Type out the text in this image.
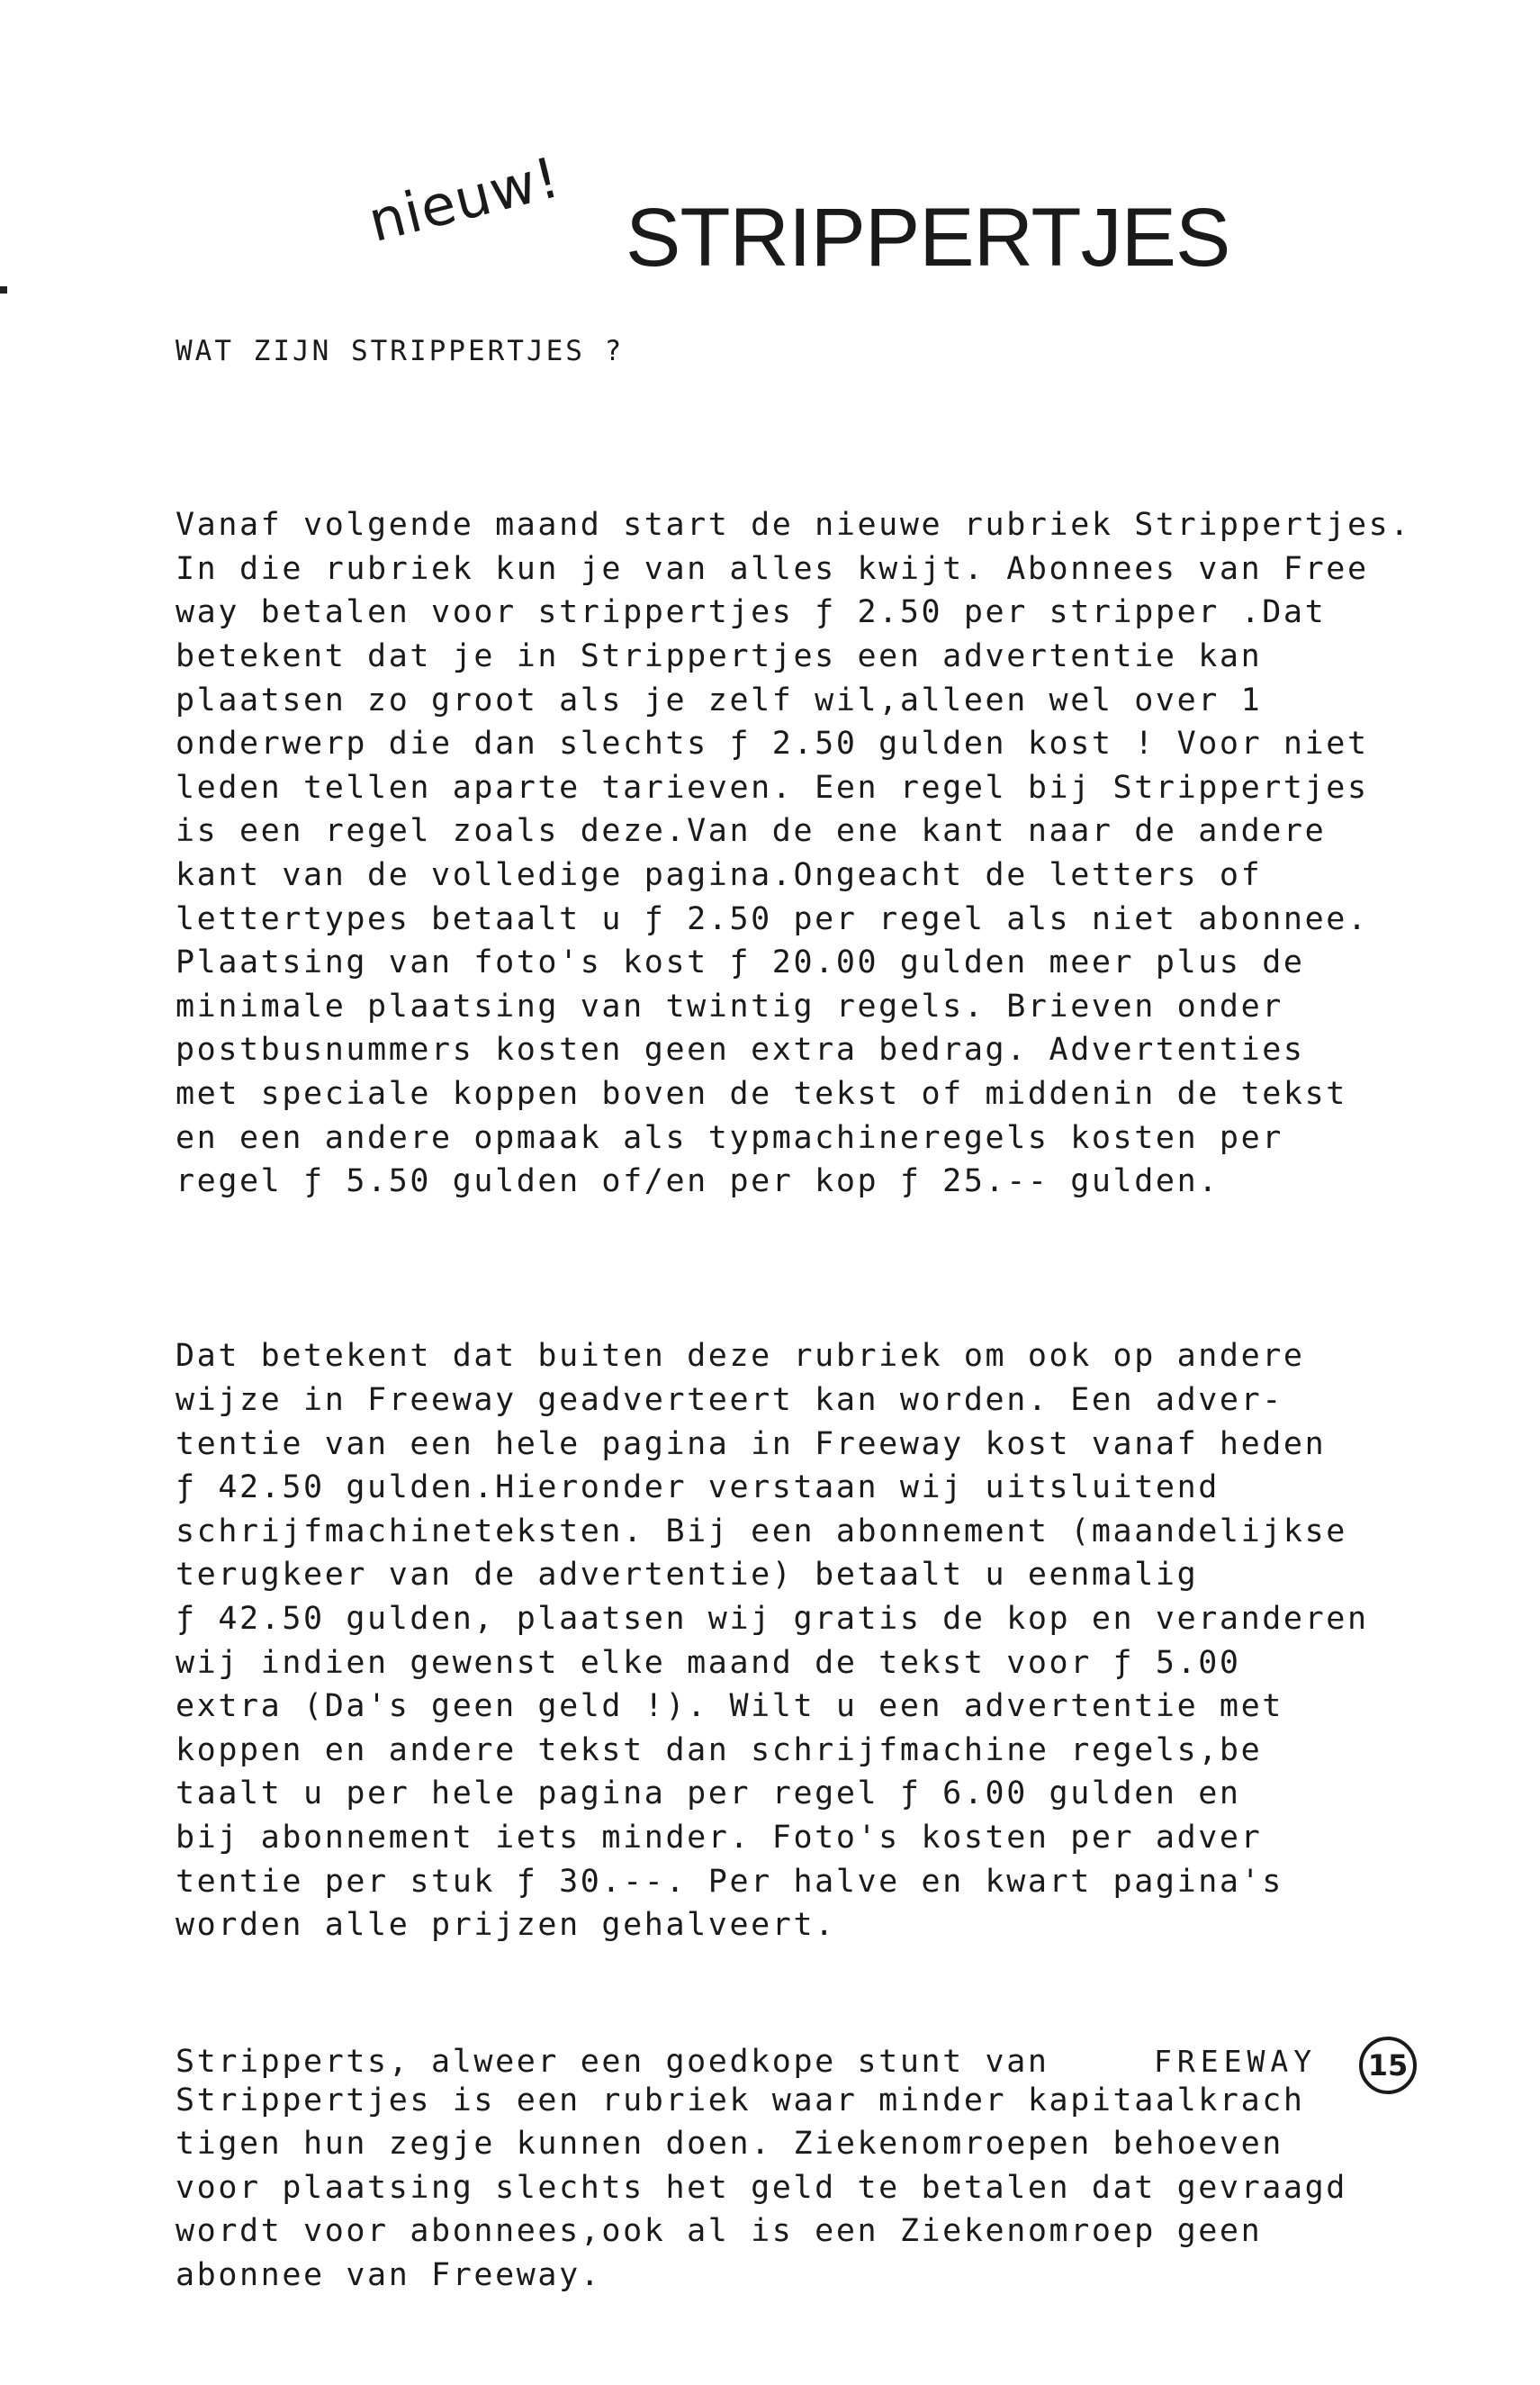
nieuw! STRIPPERTJES
WAT ZIJN STRIPPERTJES ?

Vanaf volgende maand start de nieuwe rubriek Strippertjes.
In die rubriek kun je van alles kwijt. Abonnees van Free
way betalen voor strippertjes ƒ 2.50 per stripper .Dat
betekent dat je in Strippertjes een advertentie kan
plaatsen zo groot als je zelf wil,alleen wel over 1
onderwerp die dan slechts ƒ 2.50 gulden kost ! Voor niet
leden tellen aparte tarieven. Een regel bij Strippertjes
is een regel zoals deze.Van de ene kant naar de andere
kant van de volledige pagina.Ongeacht de letters of
lettertypes betaalt u ƒ 2.50 per regel als niet abonnee.
Plaatsing van foto's kost ƒ 20.00 gulden meer plus de
minimale plaatsing van twintig regels. Brieven onder
postbusnummers kosten geen extra bedrag. Advertenties
met speciale koppen boven de tekst of middenin de tekst
en een andere opmaak als typmachineregels kosten per
regel ƒ 5.50 gulden of/en per kop ƒ 25.-- gulden.

Dat betekent dat buiten deze rubriek om ook op andere
wijze in Freeway geadverteert kan worden. Een adver-
tentie van een hele pagina in Freeway kost vanaf heden
ƒ 42.50 gulden.Hieronder verstaan wij uitsluitend
schrijfmachineteksten. Bij een abonnement (maandelijkse
terugkeer van de advertentie) betaalt u eenmalig
ƒ 42.50 gulden, plaatsen wij gratis de kop en veranderen
wij indien gewenst elke maand de tekst voor ƒ 5.00
extra (Da's geen geld !). Wilt u een advertentie met
koppen en andere tekst dan schrijfmachine regels,be
taalt u per hele pagina per regel ƒ 6.00 gulden en
bij abonnement iets minder. Foto's kosten per adver
tentie per stuk ƒ 30.--. Per halve en kwart pagina's
worden alle prijzen gehalveert.

Strippertjes is een rubriek waar minder kapitaalkrach
tigen hun zegje kunnen doen. Ziekenomroepen behoeven
voor plaatsing slechts het geld te betalen dat gevraagd
wordt voor abonnees,ook al is een Ziekenomroep geen
abonnee van Freeway.

Stripperts, alweer een goedkope stunt van	FREEWAY	15
